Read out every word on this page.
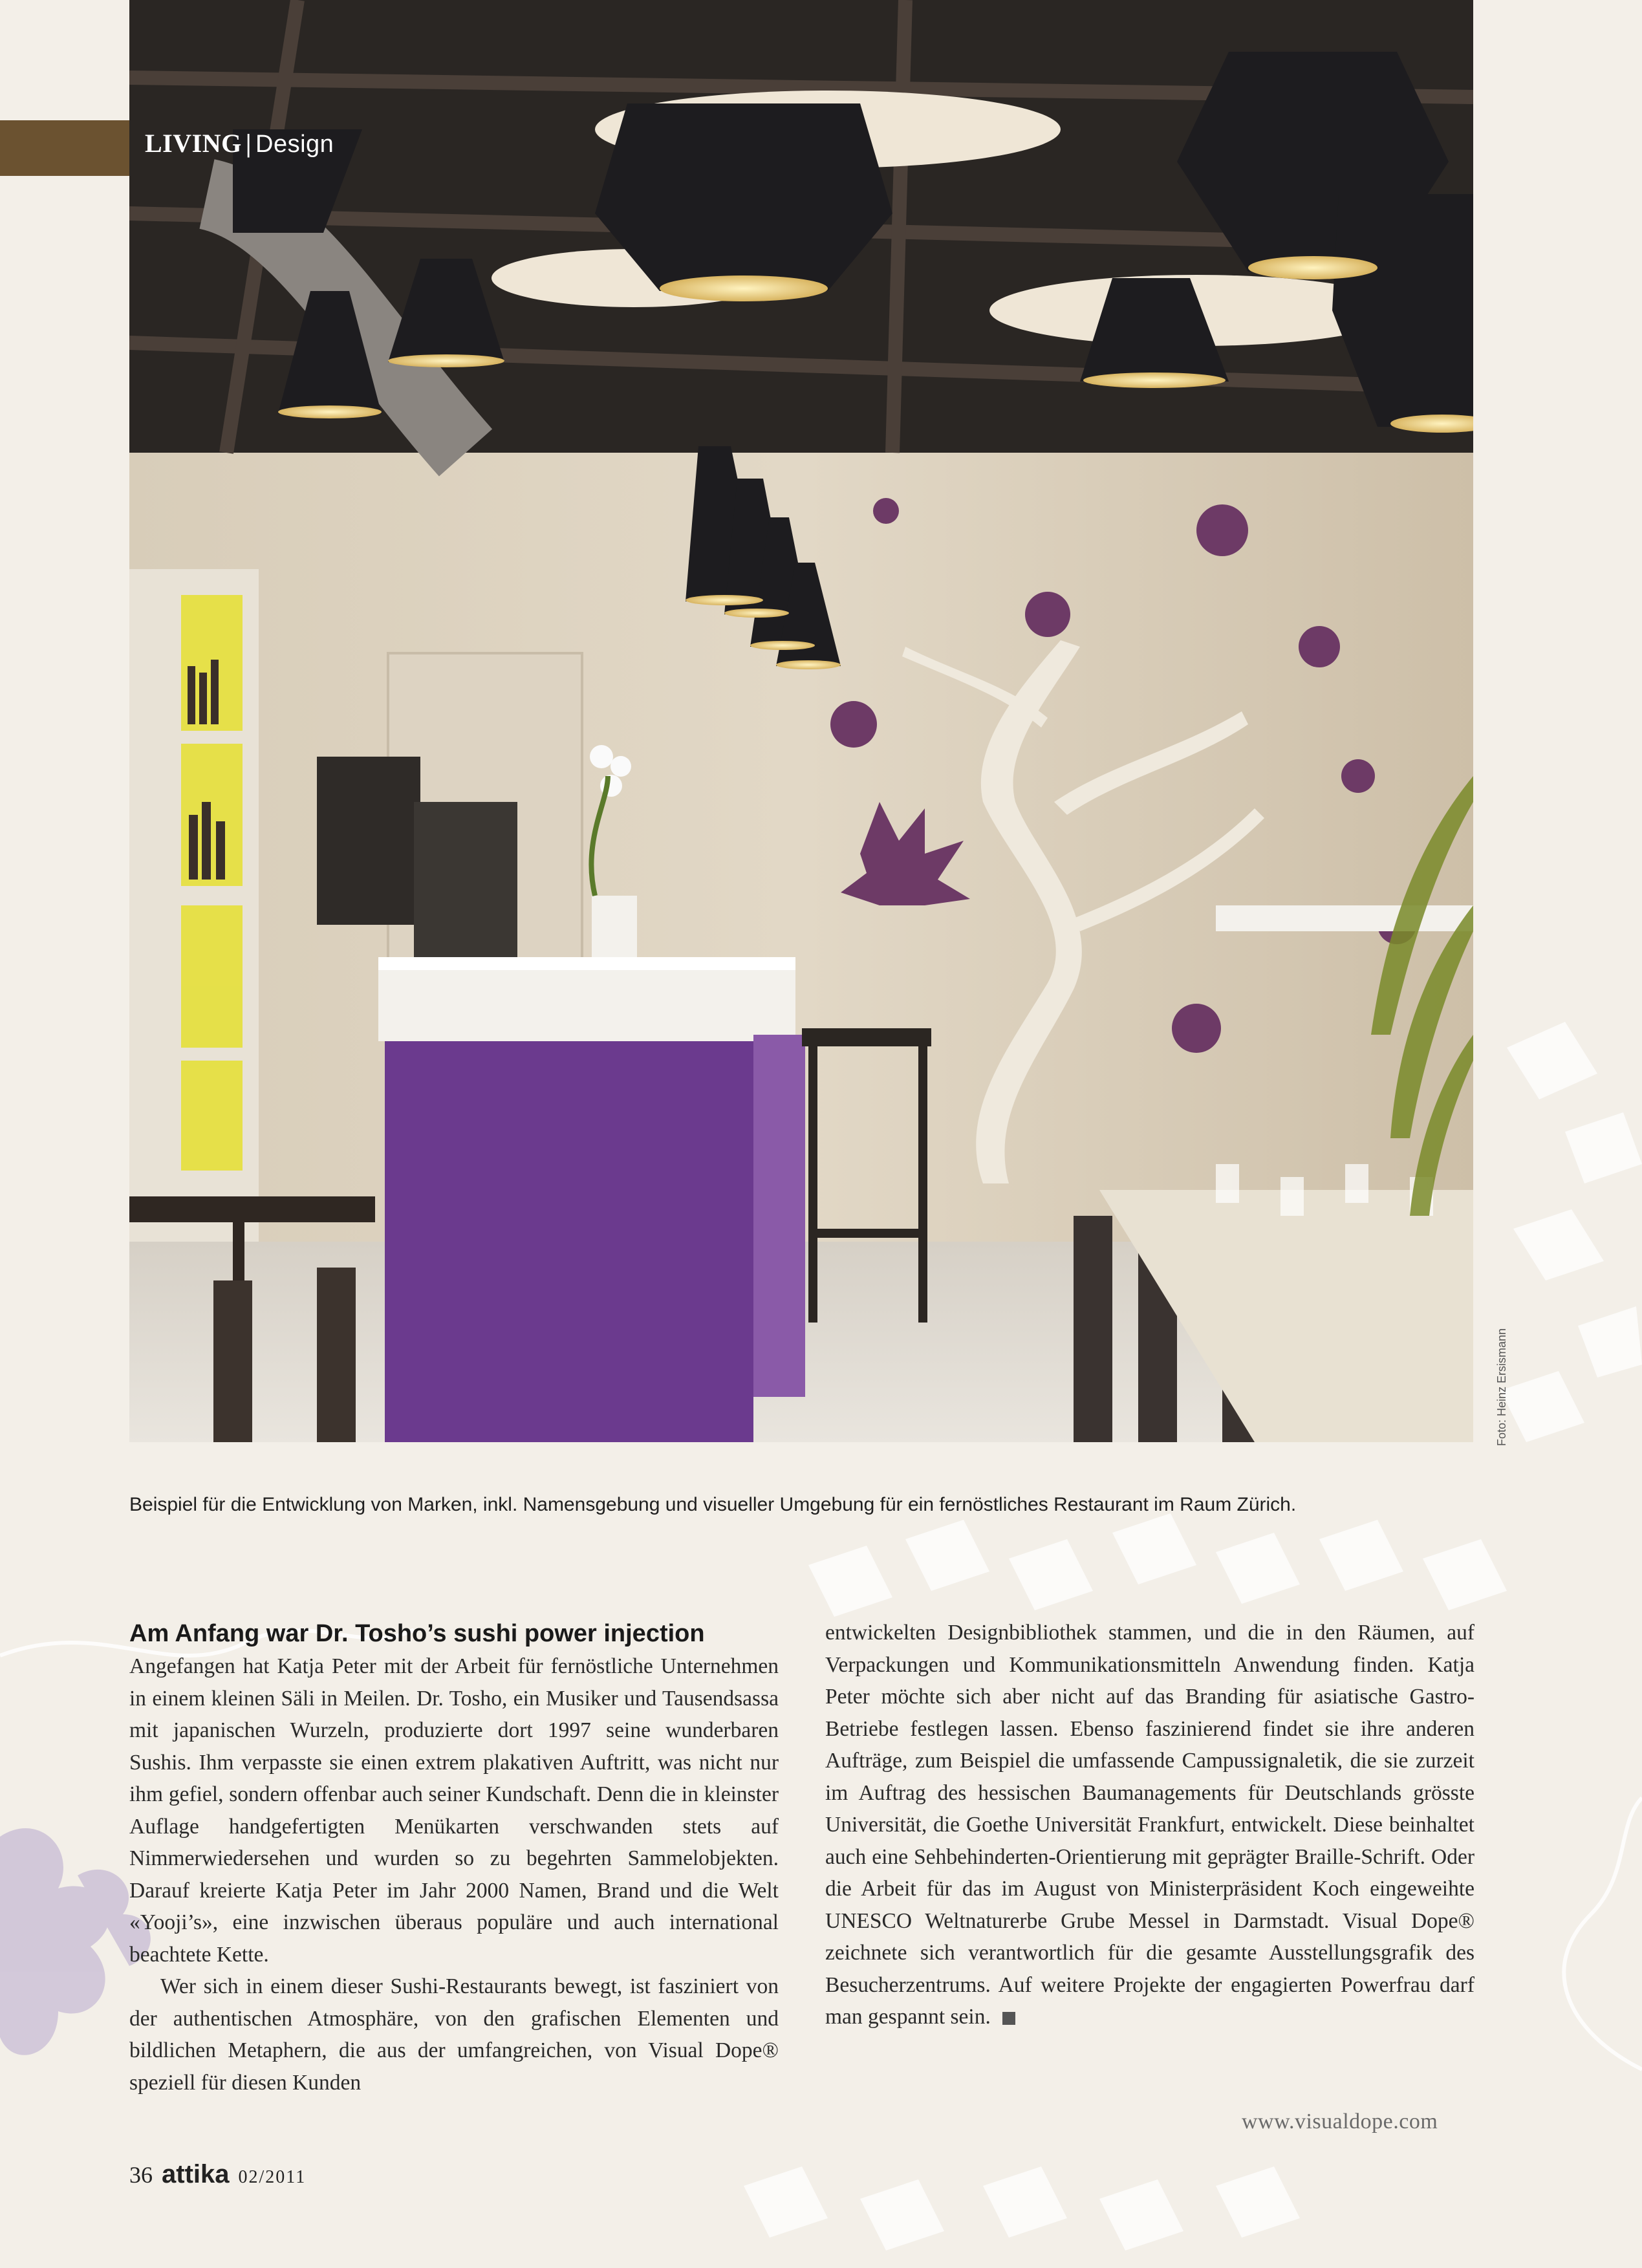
LIVING | Design
Foto: Heinz Ersismann
Beispiel für die Entwicklung von Marken, inkl. Namensgebung und visueller Umgebung für ein fernöstliches Restaurant im Raum Zürich.
Am Anfang war Dr. Tosho’s sushi power injection

Angefangen hat Katja Peter mit der Arbeit für fernöstliche Unternehmen in einem kleinen Säli in Meilen. Dr. Tosho, ein Musiker und Tausendsassa mit japanischen Wurzeln, produzierte dort 1997 seine wunderbaren Sushis. Ihm verpasste sie einen extrem plakativen Auftritt, was nicht nur ihm gefiel, sondern offenbar auch seiner Kundschaft. Denn die in kleinster Auflage handgefertigten Menükarten verschwanden stets auf Nimmerwiedersehen und wurden so zu begehrten Sammelobjekten. Darauf kreierte Katja Peter im Jahr 2000 Namen, Brand und die Welt «Yooji’s», eine inzwischen überaus populäre und auch international beachtete Kette.

Wer sich in einem dieser Sushi-Restaurants bewegt, ist fasziniert von der authentischen Atmosphäre, von den grafischen Elementen und bildlichen Metaphern, die aus der umfangreichen, von Visual Dope® speziell für diesen Kunden

entwickelten Designbibliothek stammen, und die in den Räumen, auf Verpackungen und Kommunikationsmitteln Anwendung finden. Katja Peter möchte sich aber nicht auf das Branding für asiatische Gastro-Betriebe festlegen lassen. Ebenso faszinierend findet sie ihre anderen Aufträge, zum Beispiel die umfassende Campussignaletik, die sie zurzeit im Auftrag des hessischen Baumanagements für Deutschlands grösste Universität, die Goethe Universität Frankfurt, entwickelt. Diese beinhaltet auch eine Sehbehinderten-Orientierung mit geprägter Braille-Schrift. Oder die Arbeit für das im August von Ministerpräsident Koch eingeweihte UNESCO Weltnaturerbe Grube Messel in Darmstadt. Visual Dope® zeichnete sich verantwortlich für die gesamte Ausstellungsgrafik des Besucherzentrums. Auf weitere Projekte der engagierten Powerfrau darf man gespannt sein.

www.visualdope.com
36 attika 02/2011
